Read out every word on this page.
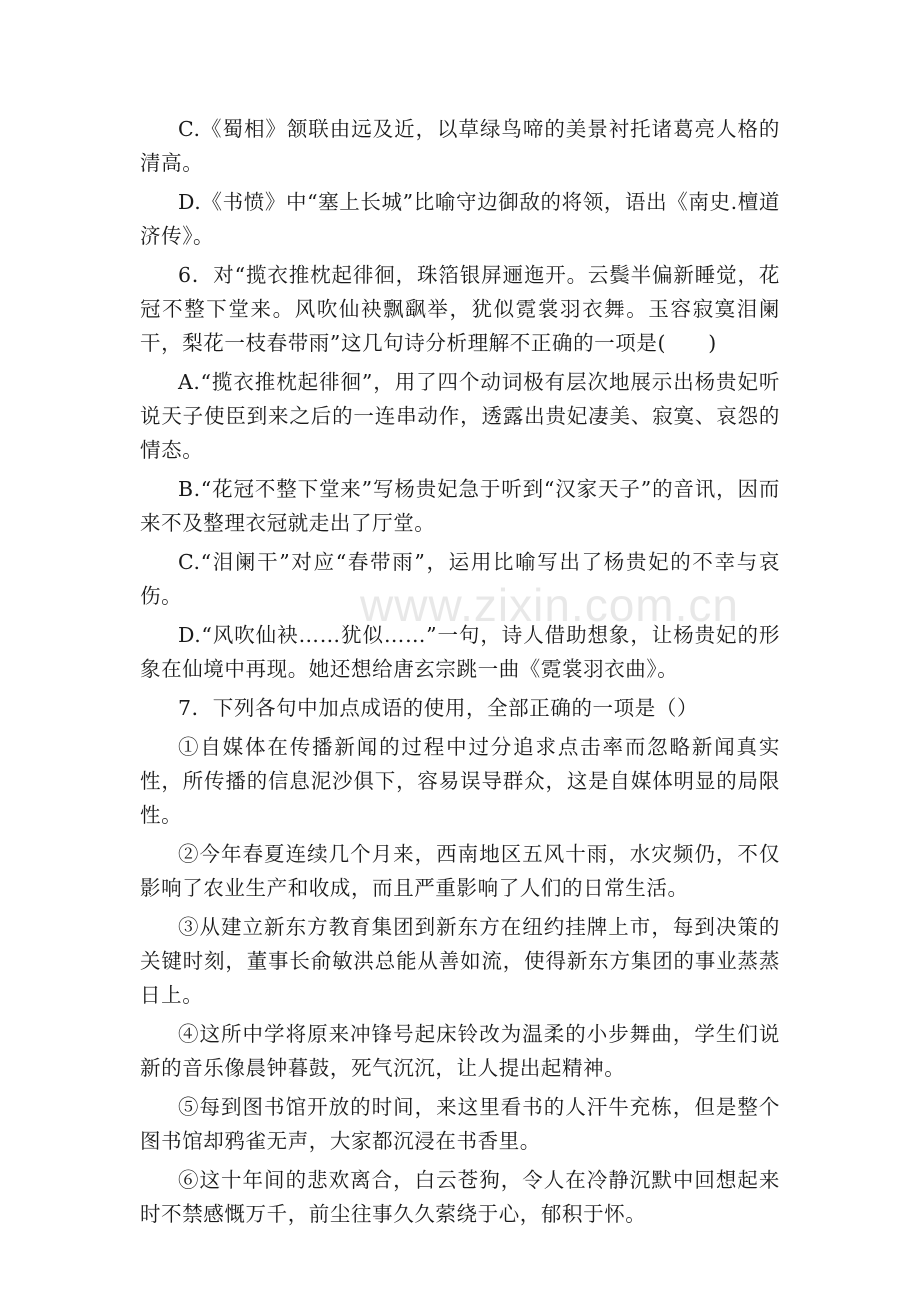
C.《蜀相》颔联由远及近，以草绿鸟啼的美景衬托诸葛亮人格的清高。

D.《书愤》中“塞上长城”比喻守边御敌的将领，语出《南史.檀道济传》。

6．对“揽衣推枕起徘徊，珠箔银屏逦迤开。云鬓半偏新睡觉，花冠不整下堂来。风吹仙袂飘飖举，犹似霓裳羽衣舞。玉容寂寞泪阑干，梨花一枝春带雨”这几句诗分析理解不正确的一项是(　　)

A.“揽衣推枕起徘徊”，用了四个动词极有层次地展示出杨贵妃听说天子使臣到来之后的一连串动作，透露出贵妃凄美、寂寞、哀怨的情态。

B.“花冠不整下堂来”写杨贵妃急于听到“汉家天子”的音讯，因而来不及整理衣冠就走出了厅堂。

C.“泪阑干”对应“春带雨”，运用比喻写出了杨贵妃的不幸与哀伤。

D.“风吹仙袂……犹似……”一句，诗人借助想象，让杨贵妃的形象在仙境中再现。她还想给唐玄宗跳一曲《霓裳羽衣曲》。

7．下列各句中加点成语的使用，全部正确的一项是（）

①自媒体在传播新闻的过程中过分追求点击率而忽略新闻真实性，所传播的信息泥沙俱下，容易误导群众，这是自媒体明显的局限性。

②今年春夏连续几个月来，西南地区五风十雨，水灾频仍，不仅影响了农业生产和收成，而且严重影响了人们的日常生活。

③从建立新东方教育集团到新东方在纽约挂牌上市，每到决策的关键时刻，董事长俞敏洪总能从善如流，使得新东方集团的事业蒸蒸日上。

④这所中学将原来冲锋号起床铃改为温柔的小步舞曲，学生们说新的音乐像晨钟暮鼓，死气沉沉，让人提出起精神。

⑤每到图书馆开放的时间，来这里看书的人汗牛充栋，但是整个图书馆却鸦雀无声，大家都沉浸在书香里。

⑥这十年间的悲欢离合，白云苍狗，令人在冷静沉默中回想起来时不禁感慨万千，前尘往事久久萦绕于心，郁积于怀。

www.zixin.com.cn
